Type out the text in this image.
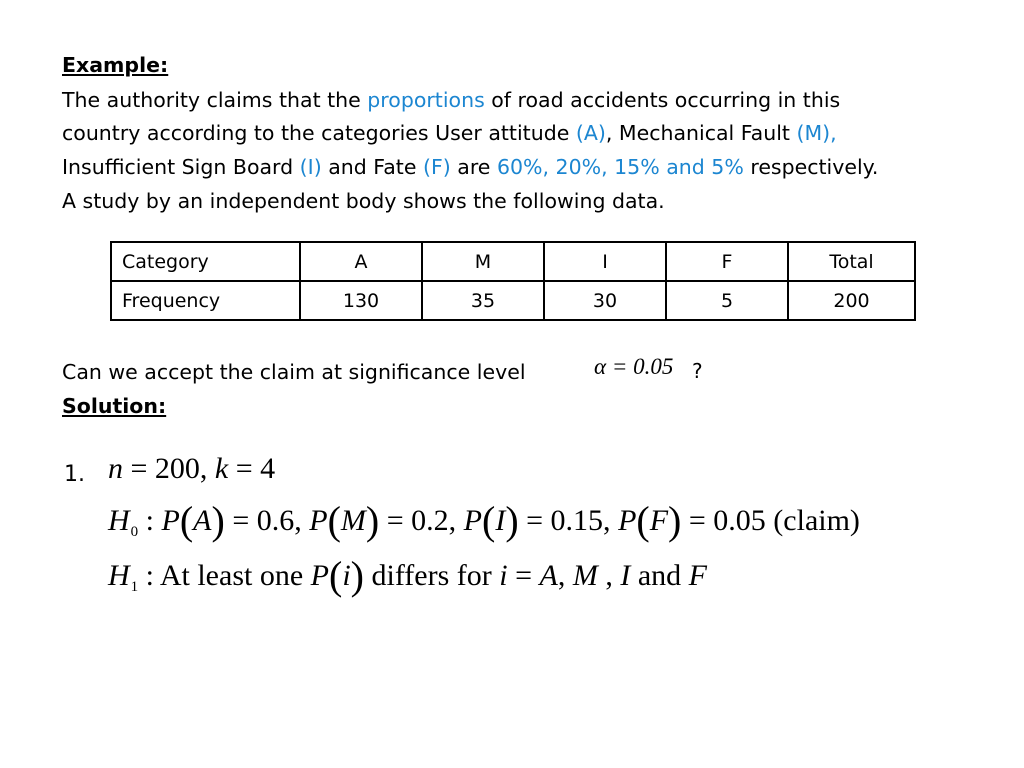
Example:
The authority claims that the proportions of road accidents occurring in this
country according to the categories User attitude (A), Mechanical Fault (M),
Insufficient Sign Board (I) and Fate (F) are 60%, 20%, 15% and 5% respectively.
A study by an independent body shows the following data.
Category	A	M	I	F	Total
Frequency	130	35	30	5	200
Can we accept the claim at significance level	α = 0.05 ?
Solution:
1. n = 200, k = 4
$H_0$ : P(A) = 0.6, P(M) = 0.2, P(I) = 0.15, P(F) = 0.05 (claim)
$H_1$ : At least one P(i) differs for i = A, M , I and F
